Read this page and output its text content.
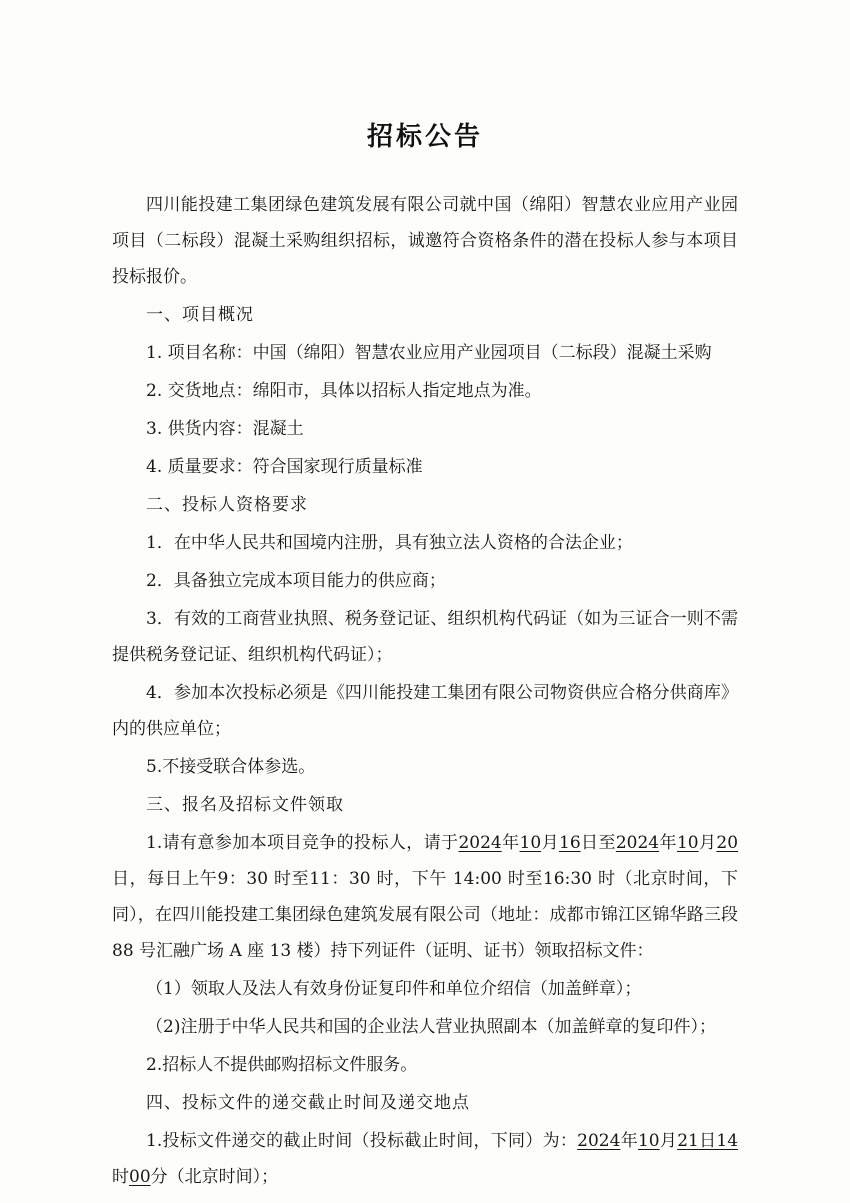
招标公告

四川能投建工集团绿色建筑发展有限公司就中国（绵阳）智慧农业应用产业园项目（二标段）混凝土采购组织招标，诚邀符合资格条件的潜在投标人参与本项目投标报价。

一、项目概况

1. 项目名称：中国（绵阳）智慧农业应用产业园项目（二标段）混凝土采购

2. 交货地点：绵阳市，具体以招标人指定地点为准。

3. 供货内容：混凝土

4. 质量要求：符合国家现行质量标准

二、投标人资格要求

1．在中华人民共和国境内注册，具有独立法人资格的合法企业；

2．具备独立完成本项目能力的供应商；

3．有效的工商营业执照、税务登记证、组织机构代码证（如为三证合一则不需提供税务登记证、组织机构代码证）；

4．参加本次投标必须是《四川能投建工集团有限公司物资供应合格分供商库》内的供应单位；

5.不接受联合体参选。

三、报名及招标文件领取

1.请有意参加本项目竞争的投标人，请于2024年10月16日至2024年10月20日，每日上午9：30 时至11：30 时，下午 14:00 时至16:30 时（北京时间，下同），在四川能投建工集团绿色建筑发展有限公司（地址：成都市锦江区锦华路三段 88 号汇融广场 A 座 13 楼）持下列证件（证明、证书）领取招标文件：

（1）领取人及法人有效身份证复印件和单位介绍信（加盖鲜章）；

（2)注册于中华人民共和国的企业法人营业执照副本（加盖鲜章的复印件）；

2.招标人不提供邮购招标文件服务。

四、投标文件的递交截止时间及递交地点

1.投标文件递交的截止时间（投标截止时间，下同）为：2024年10月21日14时00分（北京时间）；
